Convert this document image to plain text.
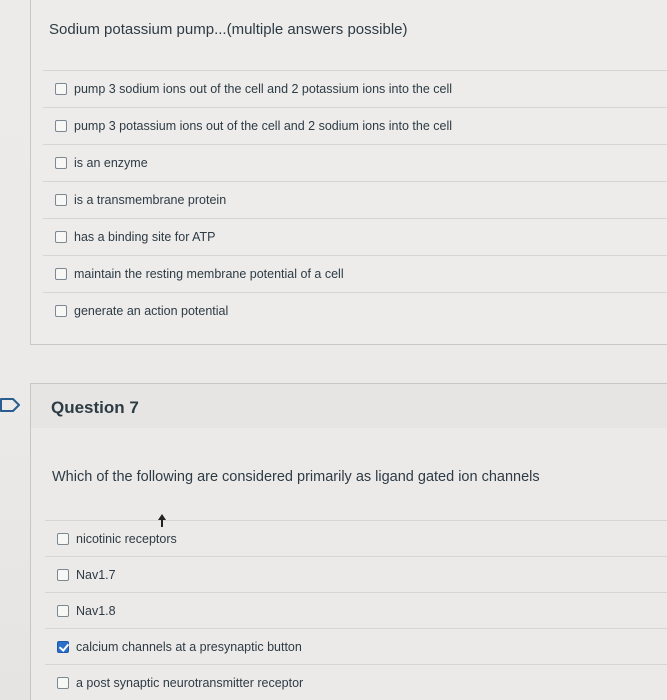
Sodium potassium pump...(multiple answers possible)
pump 3 sodium ions out of the cell and 2 potassium ions into the cell
pump 3 potassium ions out of the cell and 2 sodium ions into the cell
is an enzyme
is a transmembrane protein
has a binding site for ATP
maintain the resting membrane potential of a cell
generate an action potential
Question 7
Which of the following are considered primarily as ligand gated ion channels
nicotinic receptors
Nav1.7
Nav1.8
calcium channels at a presynaptic button
a post synaptic neurotransmitter receptor
